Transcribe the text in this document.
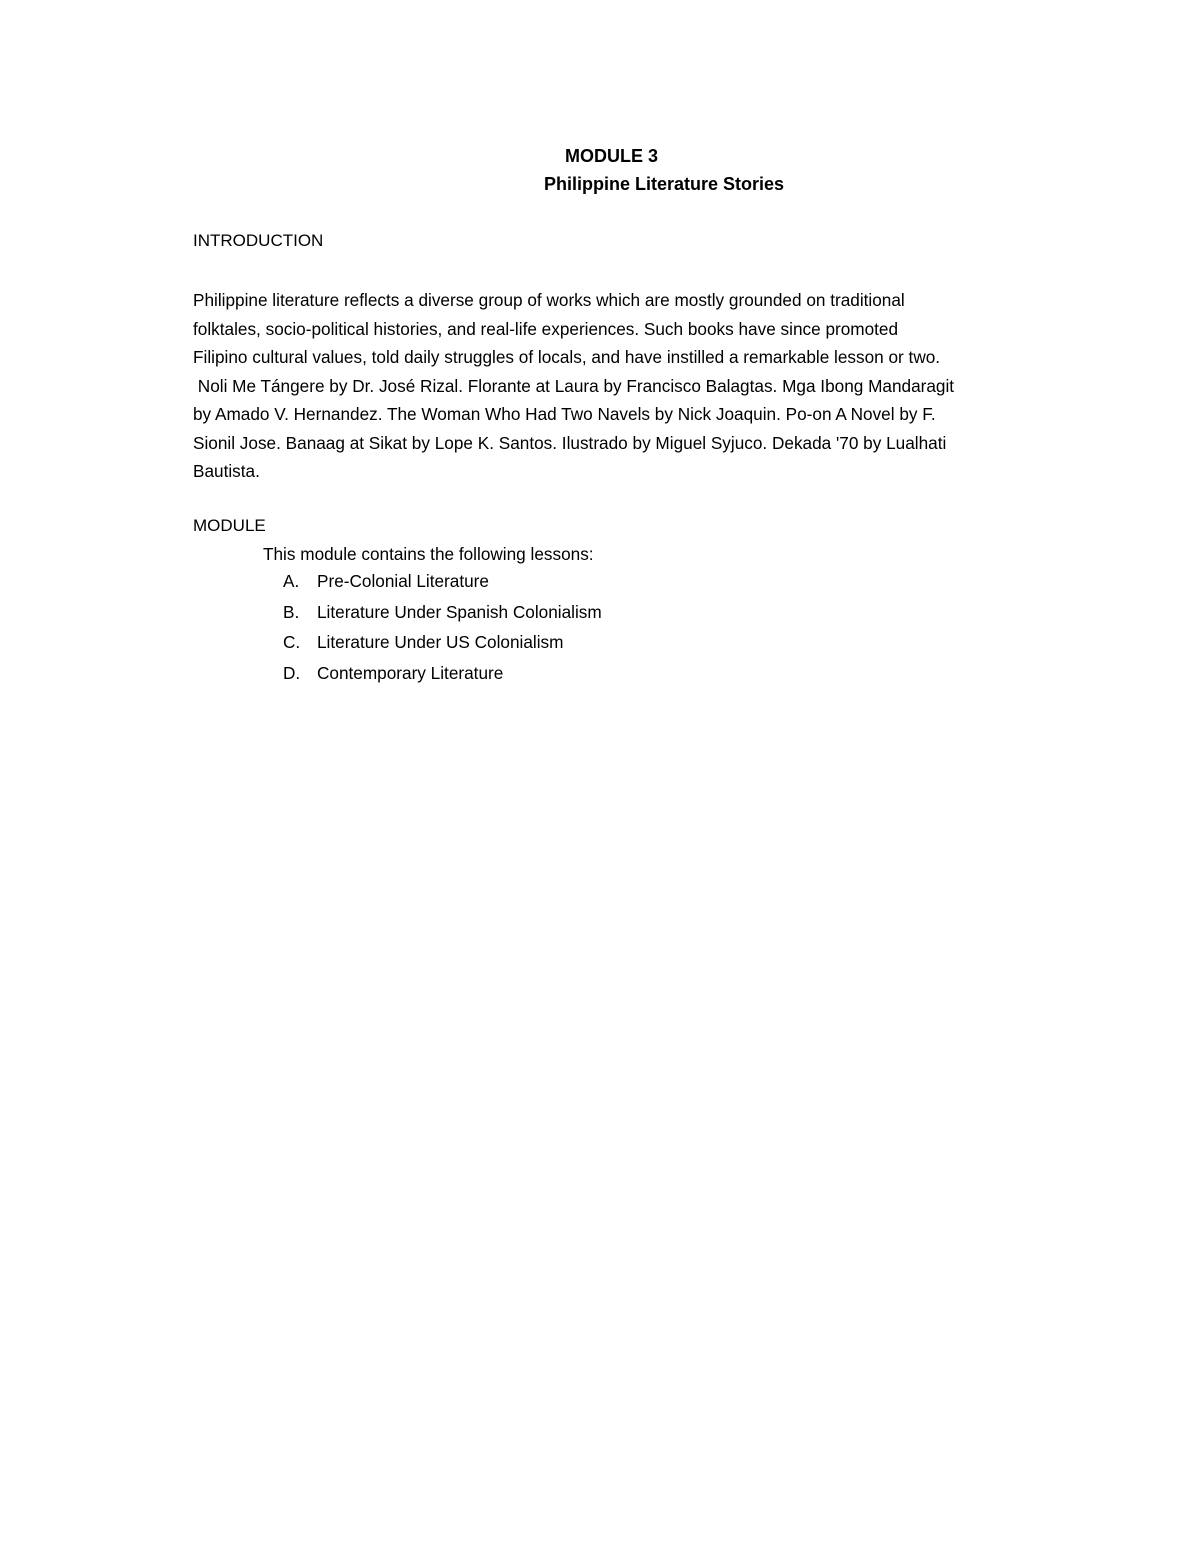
MODULE 3
Philippine Literature Stories
INTRODUCTION
Philippine literature reflects a diverse group of works which are mostly grounded on traditional
folktales, socio-political histories, and real-life experiences. Such books have since promoted
Filipino cultural values, told daily struggles of locals, and have instilled a remarkable lesson or two.
Noli Me Tángere by Dr. José Rizal. Florante at Laura by Francisco Balagtas. Mga Ibong Mandaragit
by Amado V. Hernandez. The Woman Who Had Two Navels by Nick Joaquin. Po-on A Novel by F.
Sionil Jose. Banaag at Sikat by Lope K. Santos. Ilustrado by Miguel Syjuco. Dekada '70 by Lualhati
Bautista.
MODULE
This module contains the following lessons:
A.	Pre-Colonial Literature
B.	Literature Under Spanish Colonialism
C. Literature Under US Colonialism
D. Contemporary Literature
